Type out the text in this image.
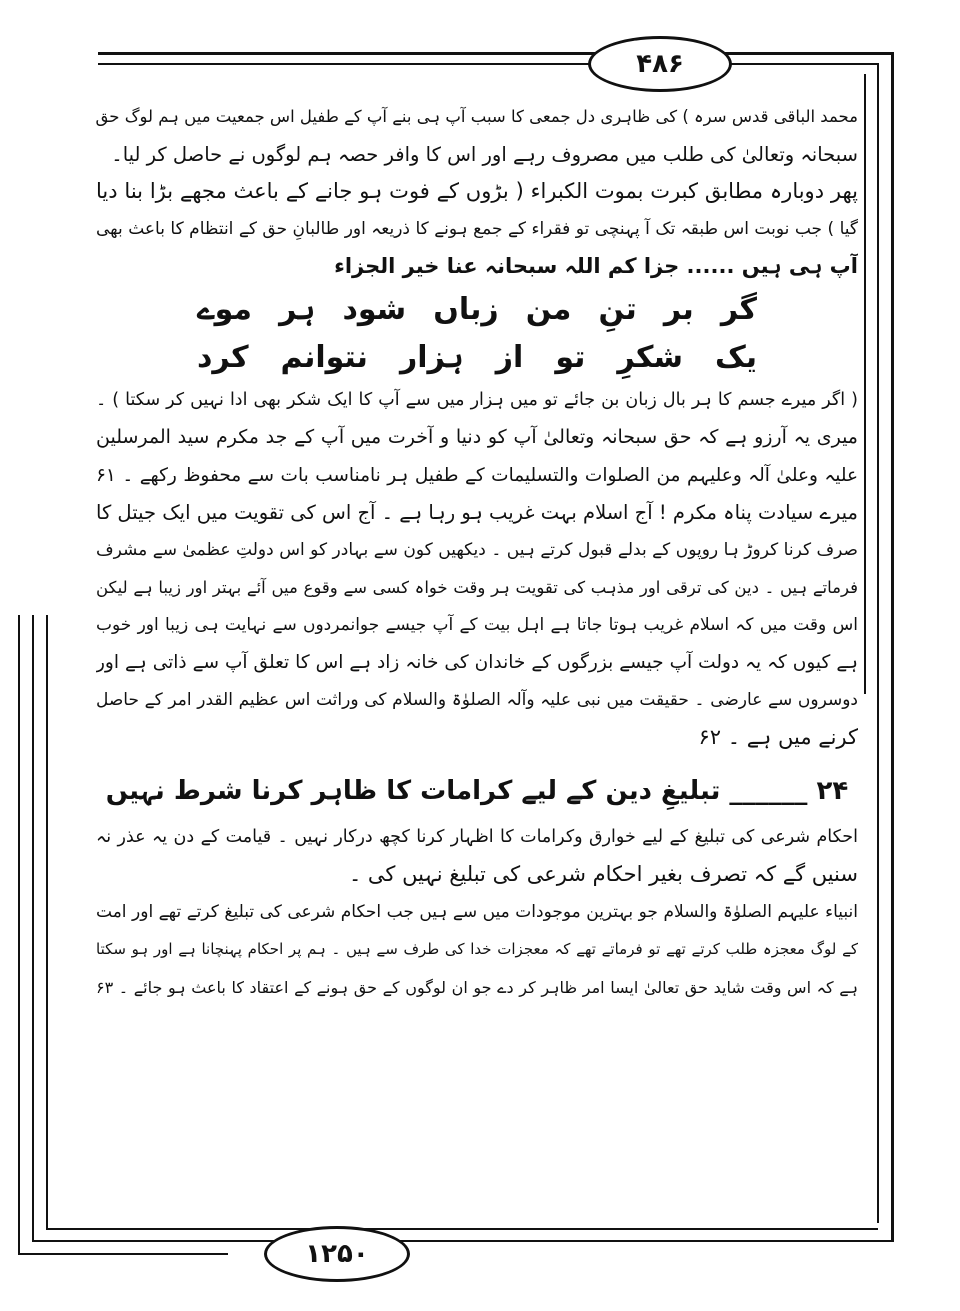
۴۸۶
۱۲۵۰
محمد الباقی قدس سرہ ) کی ظاہری دل جمعی کا سبب آپ ہی بنے آپ کے طفیل اس جمعیت میں ہم لوگ حق
سبحانہ وتعالیٰ کی طلب میں مصروف رہے اور اس کا وافر حصہ ہم لوگوں نے حاصل کر لیا۔
پھر دوبارہ مطابق کبرت بموت الکبراء ( بڑوں کے فوت ہو جانے کے باعث مجھے بڑا بنا دیا
گیا ) جب نوبت اس طبقہ تک آ پہنچی تو فقراء کے جمع ہونے کا ذریعہ اور طالبانِ حق کے انتظام کا باعث بھی
آپ ہی ہیں ...... جزا کم اللہ سبحانہ عنا خیر الجزاء
گر
بر
تنِ
من
زباں
شود
ہر
موے
یک
شکرِ
تو
از
ہزار
نتوانم
کرد
( اگر میرے جسم کا ہر بال زبان بن جائے تو میں ہزار میں سے آپ کا ایک شکر بھی ادا نہیں کر سکتا ) ۔
میری یہ آرزو ہے کہ حق سبحانہ وتعالیٰ آپ کو دنیا و آخرت میں آپ کے جد مکرم سید المرسلین
علیہ وعلیٰ آلہ وعلیہم من الصلوات والتسلیمات کے طفیل ہر نامناسب بات سے محفوظ رکھے ۔ ۶۱
میرے سیادت پناہ مکرم ! آج اسلام بہت غریب ہو رہا ہے ۔ آج اس کی تقویت میں ایک جیتل کا
صرف کرنا کروڑ ہا روپوں کے بدلے قبول کرتے ہیں ۔ دیکھیں کون سے بہادر کو اس دولتِ عظمیٰ سے مشرف
فرماتے ہیں ۔ دین کی ترقی اور مذہب کی تقویت ہر وقت خواہ کسی سے وقوع میں آئے بہتر اور زیبا ہے لیکن
اس وقت میں کہ اسلام غریب ہوتا جاتا ہے اہل بیت کے آپ جیسے جوانمردوں سے نہایت ہی زیبا اور خوب
ہے کیوں کہ یہ دولت آپ جیسے بزرگوں کے خاندان کی خانہ زاد ہے اس کا تعلق آپ سے ذاتی ہے اور
دوسروں سے عارضی ۔ حقیقت میں نبی علیہ وآلہ الصلوٰۃ والسلام کی وراثت اس عظیم القدر امر کے حاصل
کرنے میں ہے ۔ ۶۲
۲۴ ______ تبلیغِ دین کے لیے کرامات کا ظاہر کرنا شرط نہیں
احکام شرعی کی تبلیغ کے لیے خوارق وکرامات کا اظہار کرنا کچھ درکار نہیں ۔ قیامت کے دن یہ عذر نہ
سنیں گے کہ تصرف بغیر احکام شرعی کی تبلیغ نہیں کی ۔
انبیاء علیہم الصلوٰۃ والسلام جو بہترین موجودات میں سے ہیں جب احکام شرعی کی تبلیغ کرتے تھے اور امت
کے لوگ معجزہ طلب کرتے تھے تو فرماتے تھے کہ معجزات خدا کی طرف سے ہیں ۔ ہم پر احکام پہنچانا ہے اور ہو سکتا
ہے کہ اس وقت شاید حق تعالیٰ ایسا امر ظاہر کر دے جو ان لوگوں کے حق ہونے کے اعتقاد کا باعث ہو جائے ۔ ۶۳
